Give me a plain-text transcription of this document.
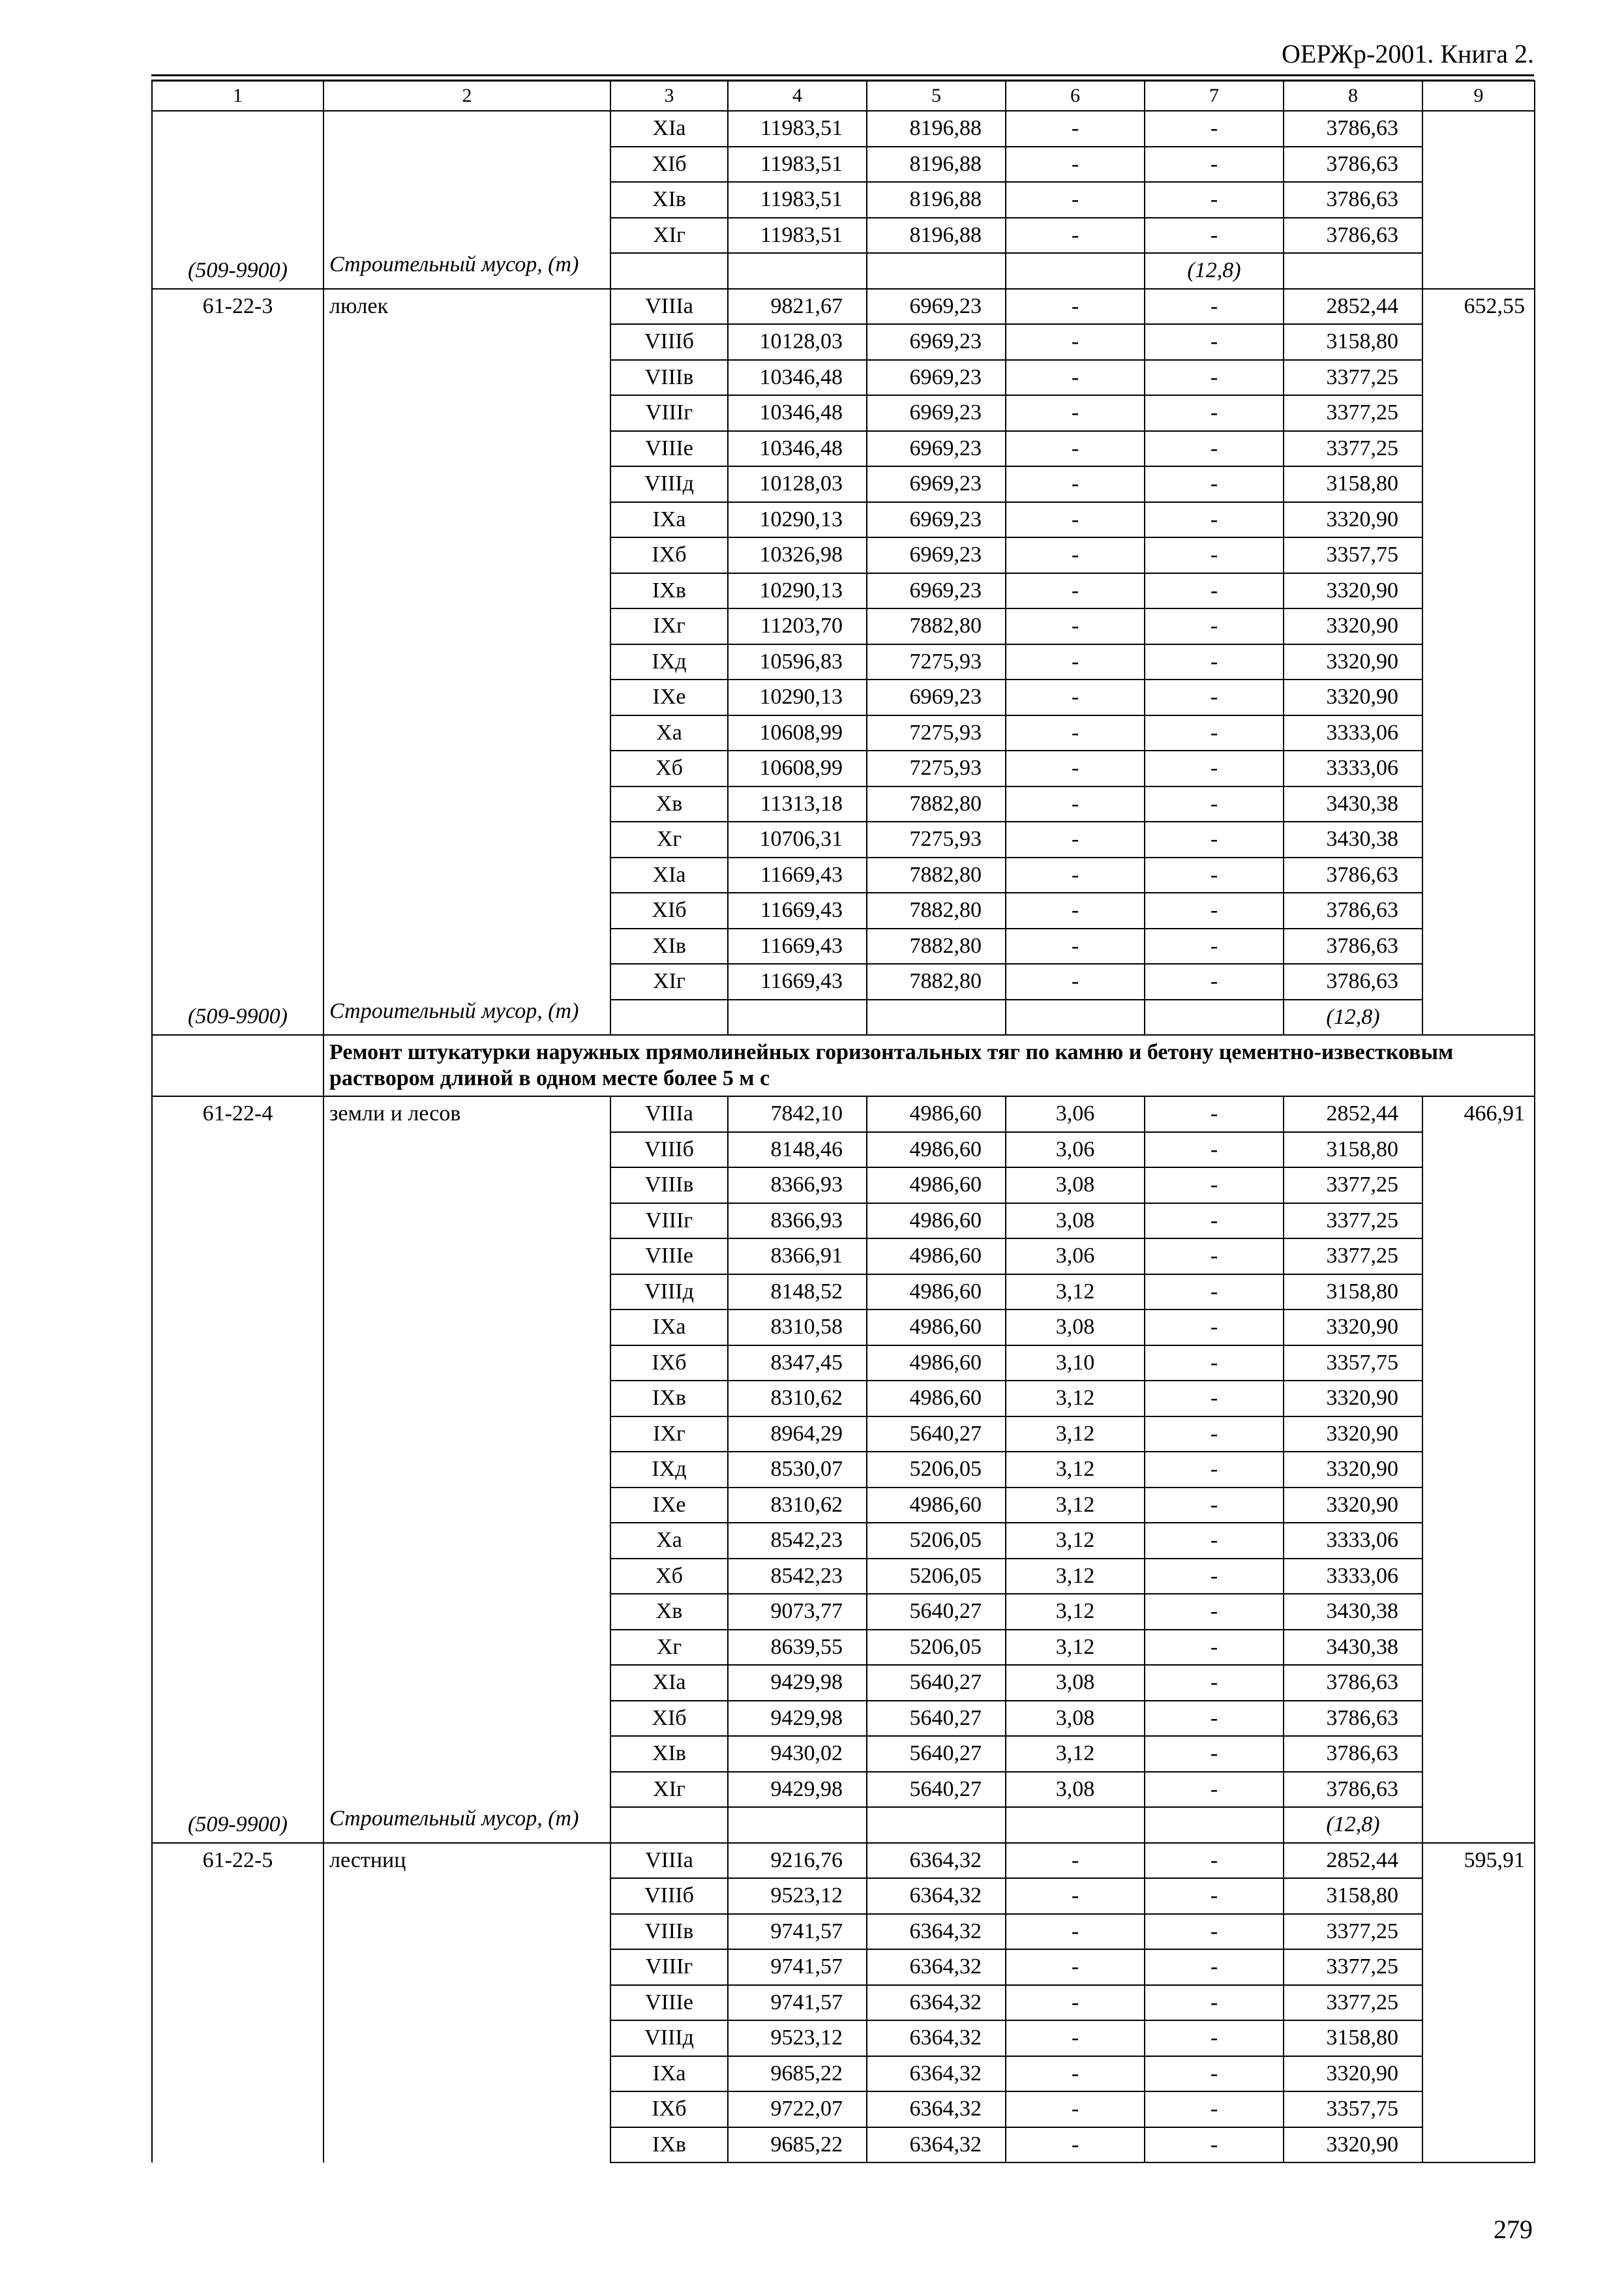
ОЕРЖр-2001. Книга 2.
1	2	3	4	5	6	7	8	9
		XIа	11983,51	8196,88	-	-	3786,63	
		XIб	11983,51	8196,88	-	-	3786,63	
		XIв	11983,51	8196,88	-	-	3786,63	
		XIг	11983,51	8196,88	-	-	3786,63	
(509-9900)	Строительный мусор, (т)					(12,8)		
61-22-3	люлек	VIIIа	9821,67	6969,23	-	-	2852,44	652,55
		VIIIб	10128,03	6969,23	-	-	3158,80	
		VIIIв	10346,48	6969,23	-	-	3377,25	
		VIIIг	10346,48	6969,23	-	-	3377,25	
		VIIIе	10346,48	6969,23	-	-	3377,25	
		VIIIд	10128,03	6969,23	-	-	3158,80	
		IXа	10290,13	6969,23	-	-	3320,90	
		IXб	10326,98	6969,23	-	-	3357,75	
		IXв	10290,13	6969,23	-	-	3320,90	
		IXг	11203,70	7882,80	-	-	3320,90	
		IXд	10596,83	7275,93	-	-	3320,90	
		IXе	10290,13	6969,23	-	-	3320,90	
		Xа	10608,99	7275,93	-	-	3333,06	
		Xб	10608,99	7275,93	-	-	3333,06	
		Xв	11313,18	7882,80	-	-	3430,38	
		Xг	10706,31	7275,93	-	-	3430,38	
		XIа	11669,43	7882,80	-	-	3786,63	
		XIб	11669,43	7882,80	-	-	3786,63	
		XIв	11669,43	7882,80	-	-	3786,63	
		XIг	11669,43	7882,80	-	-	3786,63	
(509-9900)	Строительный мусор, (т)						(12,8)	
	Ремонт штукатурки наружных прямолинейных горизонтальных тяг по камню и бетону цементно-известковым раствором длиной в одном месте более 5 м с							
61-22-4	земли и лесов	VIIIа	7842,10	4986,60	3,06	-	2852,44	466,91
		VIIIб	8148,46	4986,60	3,06	-	3158,80	
		VIIIв	8366,93	4986,60	3,08	-	3377,25	
		VIIIг	8366,93	4986,60	3,08	-	3377,25	
		VIIIе	8366,91	4986,60	3,06	-	3377,25	
		VIIIд	8148,52	4986,60	3,12	-	3158,80	
		IXа	8310,58	4986,60	3,08	-	3320,90	
		IXб	8347,45	4986,60	3,10	-	3357,75	
		IXв	8310,62	4986,60	3,12	-	3320,90	
		IXг	8964,29	5640,27	3,12	-	3320,90	
		IXд	8530,07	5206,05	3,12	-	3320,90	
		IXе	8310,62	4986,60	3,12	-	3320,90	
		Xа	8542,23	5206,05	3,12	-	3333,06	
		Xб	8542,23	5206,05	3,12	-	3333,06	
		Xв	9073,77	5640,27	3,12	-	3430,38	
		Xг	8639,55	5206,05	3,12	-	3430,38	
		XIа	9429,98	5640,27	3,08	-	3786,63	
		XIб	9429,98	5640,27	3,08	-	3786,63	
		XIв	9430,02	5640,27	3,12	-	3786,63	
		XIг	9429,98	5640,27	3,08	-	3786,63	
(509-9900)	Строительный мусор, (т)						(12,8)	
61-22-5	лестниц	VIIIа	9216,76	6364,32	-	-	2852,44	595,91
		VIIIб	9523,12	6364,32	-	-	3158,80	
		VIIIв	9741,57	6364,32	-	-	3377,25	
		VIIIг	9741,57	6364,32	-	-	3377,25	
		VIIIе	9741,57	6364,32	-	-	3377,25	
		VIIIд	9523,12	6364,32	-	-	3158,80	
		IXа	9685,22	6364,32	-	-	3320,90	
		IXб	9722,07	6364,32	-	-	3357,75	
		IXв	9685,22	6364,32	-	-	3320,90	
279
